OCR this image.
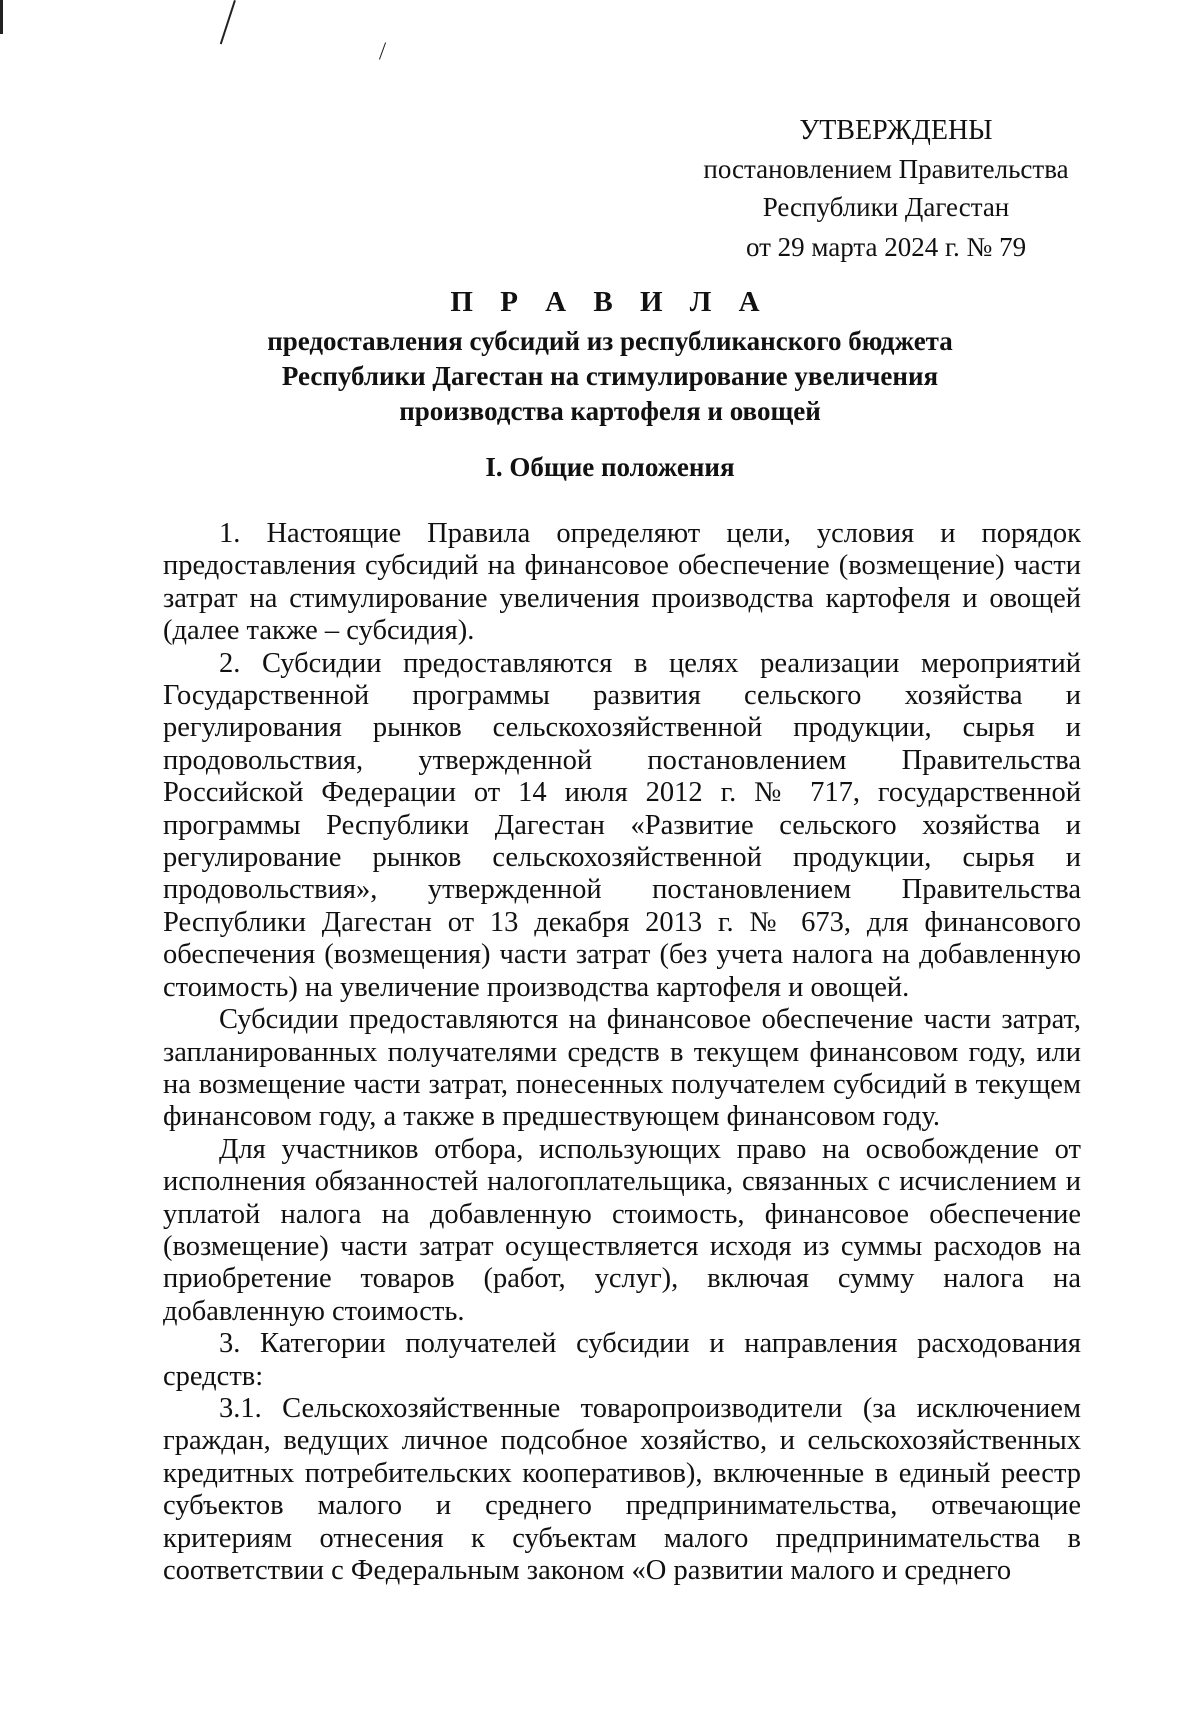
УТВЕРЖДЕНЫ
постановлением Правительства
Республики Дагестан
от 29 марта 2024 г. № 79
П Р А В И Л А
предоставления субсидий из республиканского бюджета
Республики Дагестан на стимулирование увеличения
производства картофеля и овощей
I. Общие положения

1. Настоящие Правила определяют цели, условия и порядок предоставления субсидий на финансовое обеспечение (возмещение) части затрат на стимулирование увеличения производства картофеля и овощей (далее также – субсидия).

2. Субсидии предоставляются в целях реализации мероприятий Государственной программы развития сельского хозяйства и регулирования рынков сельскохозяйственной продукции, сырья и продовольствия, утвержденной постановлением Правительства Российской Федерации от 14 июля 2012 г. № 717, государственной программы Республики Дагестан «Развитие сельского хозяйства и регулирование рынков сельскохозяйственной продукции, сырья и продовольствия», утвержденной постановлением Правительства Республики Дагестан от 13 декабря 2013 г. № 673, для финансового обеспечения (возмещения) части затрат (без учета налога на добавленную стоимость) на увеличение производства картофеля и овощей.

Субсидии предоставляются на финансовое обеспечение части затрат, запланированных получателями средств в текущем финансовом году, или на возмещение части затрат, понесенных получателем субсидий в текущем финансовом году, а также в предшествующем финансовом году.

Для участников отбора, использующих право на освобождение от исполнения обязанностей налогоплательщика, связанных с исчислением и уплатой налога на добавленную стоимость, финансовое обеспечение (возмещение) части затрат осуществляется исходя из суммы расходов на приобретение товаров (работ, услуг), включая сумму налога на добавленную стоимость.

3. Категории получателей субсидии и направления расходования средств:

3.1. Сельскохозяйственные товаропроизводители (за исключением граждан, ведущих личное подсобное хозяйство, и сельскохозяйственных кредитных потребительских кооперативов), включенные в единый реестр субъектов малого и среднего предпринимательства, отвечающие критериям отнесения к субъектам малого предпринимательства в соответствии с Федеральным законом «О развитии малого и среднего
